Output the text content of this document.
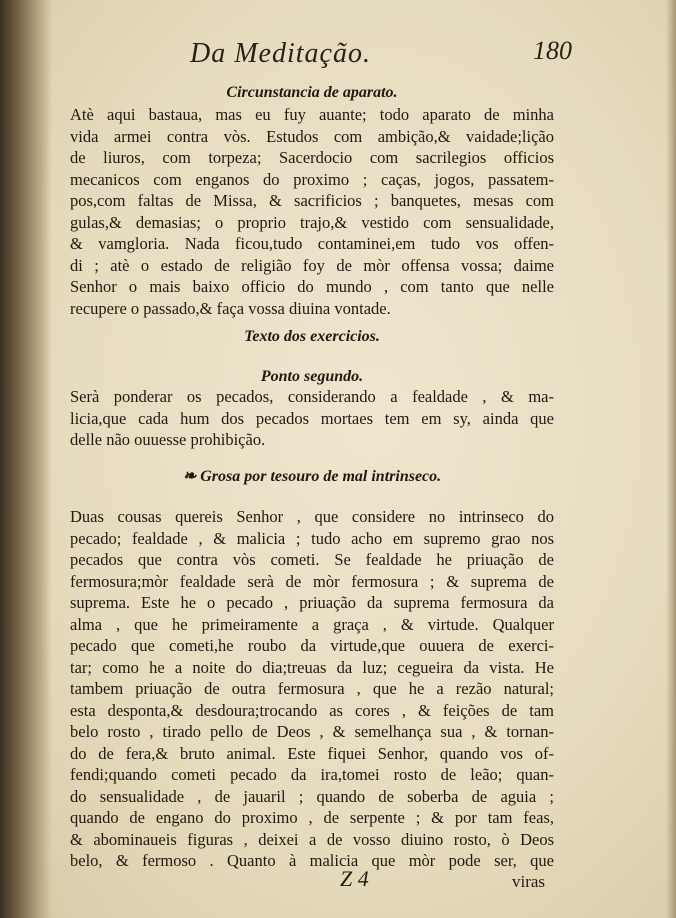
Da Meditação.	180
Circunstancia de aparato.
Atè aqui bastaua, mas eu fuy auante; todo aparato de minha
vida armei contra vòs. Estudos com ambição,& vaidade;lição
de liuros, com torpeza; Sacerdocio com sacrilegios officios
mecanicos com enganos do proximo ; caças, jogos, passatem-
pos,com faltas de Missa, & sacrificios ; banquetes, mesas com
gulas,& demasias; o proprio trajo,& vestido com sensualidade,
& vamgloria. Nada ficou,tudo contaminei,em tudo vos offen-
di ; atè o estado de religião foy de mòr offensa vossa; daime
Senhor o mais baixo officio do mundo , com tanto que nelle
recupere o passado,& faça vossa diuina vontade.
Texto dos exercicios.
Ponto segundo.
Serà ponderar os pecados, considerando a fealdade , & ma-
licia,que cada hum dos pecados mortaes tem em sy, ainda que
delle não ouuesse prohibição.
❧ Grosa por tesouro de mal intrinseco.
Duas cousas quereis Senhor , que considere no intrinseco do
pecado; fealdade , & malicia ; tudo acho em supremo grao nos
pecados que contra vòs cometi. Se fealdade he priuação de
fermosura;mòr fealdade serà de mòr fermosura ; & suprema de
suprema. Este he o pecado , priuação da suprema fermosura da
alma , que he primeiramente a graça , & virtude. Qualquer
pecado que cometi,he roubo da virtude,que ouuera de exerci-
tar; como he a noite do dia;treuas da luz; cegueira da vista. He
tambem priuação de outra fermosura , que he a rezão natural;
esta desponta,& desdoura;trocando as cores , & feições de tam
belo rosto , tirado pello de Deos , & semelhança sua , & tornan-
do de fera,& bruto animal. Este fiquei Senhor, quando vos of-
fendi;quando cometi pecado da ira,tomei rosto de leão; quan-
do sensualidade , de jauaril ; quando de soberba de aguia ;
quando de engano do proximo , de serpente ; & por tam feas,
& abominaueis figuras , deixei a de vosso diuino rosto, ò Deos
belo, & fermoso . Quanto à malicia que mòr pode ser, que
Z 4	viras
